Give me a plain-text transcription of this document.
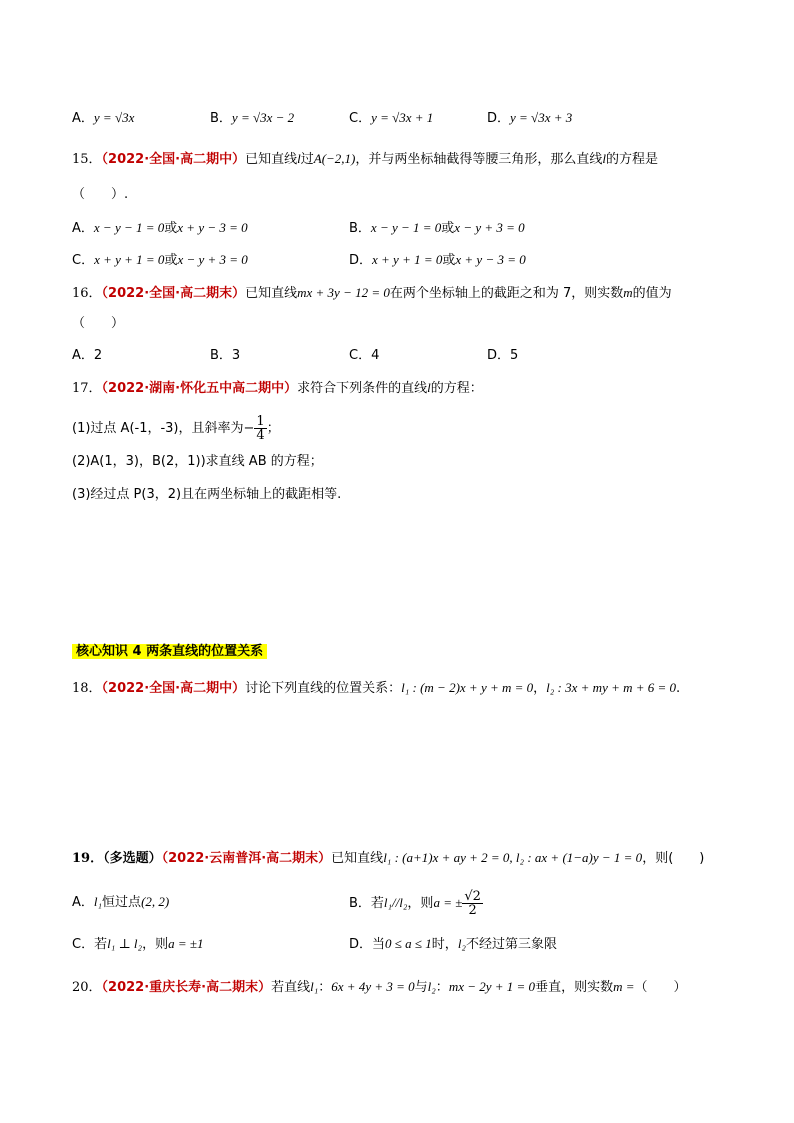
A．y = √3x	B．y = √3x − 2	C．y = √3x + 1	D．y = √3x + 3
15．（2022·全国·高二期中）已知直线l过A(−2,1)，并与两坐标轴截得等腰三角形，那么直线l的方程是
（　　）.
A．x − y − 1 = 0或x + y − 3 = 0	B．x − y − 1 = 0或x − y + 3 = 0
C．x + y + 1 = 0或x − y + 3 = 0	D．x + y + 1 = 0或x + y − 3 = 0
16．（2022·全国·高二期末）已知直线mx + 3y − 12 = 0在两个坐标轴上的截距之和为 7，则实数m的值为
（　　）
A．2	B．3	C．4	D．5
17．（2022·湖南·怀化五中高二期中）求符合下列条件的直线l的方程：
(1)过点 A(-1，-3)，且斜率为− $\frac{1}{4}$ ；
(2)A(1，3)，B(2，1))求直线 AB 的方程；
(3)经过点 P(3，2)且在两坐标轴上的截距相等.
核心知识 4 两条直线的位置关系
18．（2022·全国·高二期中）讨论下列直线的位置关系：l₁ : (m − 2)x + y + m = 0，l₂ : 3x + my + m + 6 = 0.
19．（多选题）（2022·云南普洱·高二期末）已知直线l₁ : (a+1)x + ay + 2 = 0, l₂ : ax + (1−a)y − 1 = 0，则(　　)
A．l₁恒过点(2, 2)	B．若l₁//l₂，则a = ± $\frac{√2}{2}$
C．若l₁ ⊥ l₂，则a = ±1	D．当0 ≤ a ≤ 1时，l₂不经过第三象限
20．（2022·重庆长寿·高二期末）若直线l₁：6x + 4y + 3 = 0与l₂：mx − 2y + 1 = 0垂直，则实数m =（　　）
